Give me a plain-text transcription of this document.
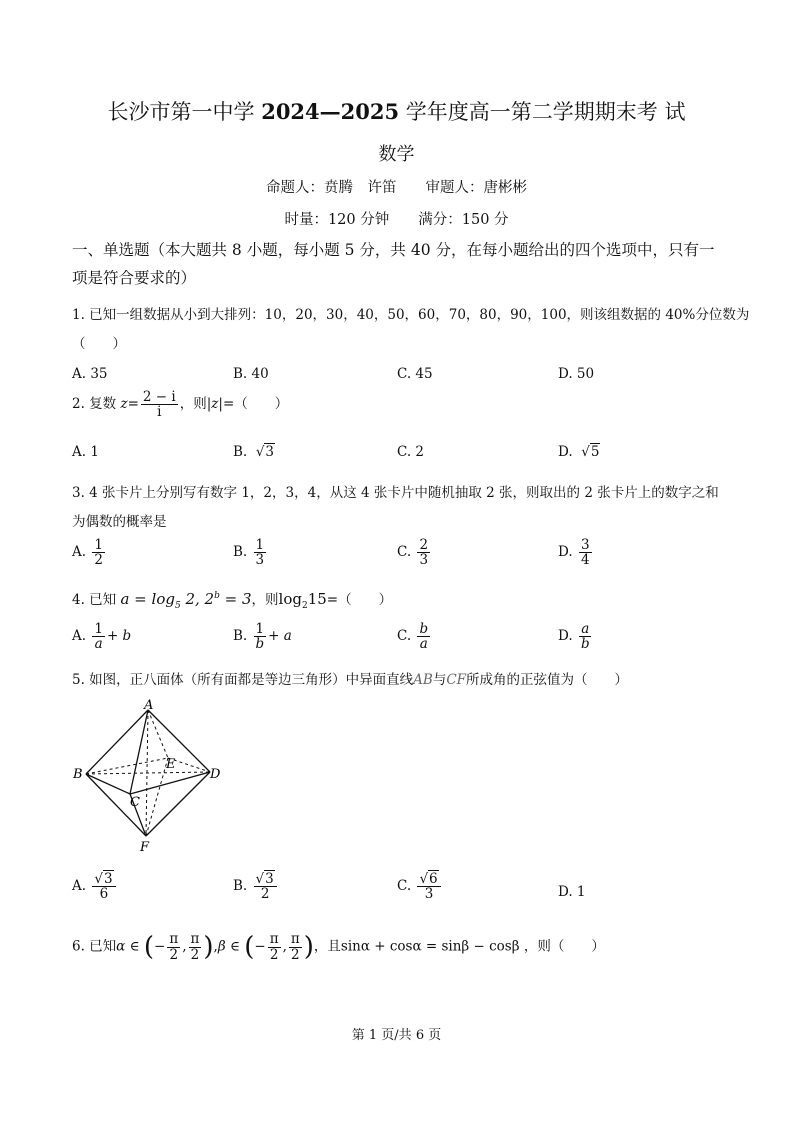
长沙市第一中学 2024—2025 学年度高一第二学期期末考 试
数学
命题人：贲腾　许笛　　审题人：唐彬彬
时量：120 分钟　　满分：150 分
一、单选题（本大题共 8 小题，每小题 5 分，共 40 分，在每小题给出的四个选项中，只有一
项是符合要求的）
1. 已知一组数据从小到大排列：10，20，30，40，50，60，70，80，90，100，则该组数据的 40%分位数为
（　　）
A. 35	B. 40	C. 45	D. 50
2. 复数 $z= \frac{2 - i}{i}$ ，则|z|=（　　）
A. 1	B. √3	C. 2	D. √5
3. 4 张卡片上分别写有数字 1，2，3，4，从这 4 张卡片中随机抽取 2 张，则取出的 2 张卡片上的数字之和
为偶数的概率是
A. $\frac{1}{2}$	B. $\frac{1}{3}$	C. $\frac{2}{3}$	D. $\frac{3}{4}$
4. 已知 $a = \log_5 2$, $2^b = 3$，则$\log_215=$（　　）
A. $\frac{1}{a} + b$	B. $\frac{1}{b} + a$	C. $\frac{b}{a}$	D. $\frac{a}{b}$
5. 如图，正八面体（所有面都是等边三角形）中异面直线AB与CF所成角的正弦值为（　　）
A
B
C
D
E
F
A. $\frac{√3}{6}$	B. $\frac{√3}{2}$	C. $\frac{√6}{3}$	D. 1
6. 已知α ∈ (− $\frac{\pi}{2}$ , $\frac{\pi}{2} ),\beta$ ∈ (− $\frac{\pi}{2}$ , $\frac{\pi}{2}$ )，且sinα + cosα = sinβ − cosβ ，则（　　）
第 1 页/共 6 页
